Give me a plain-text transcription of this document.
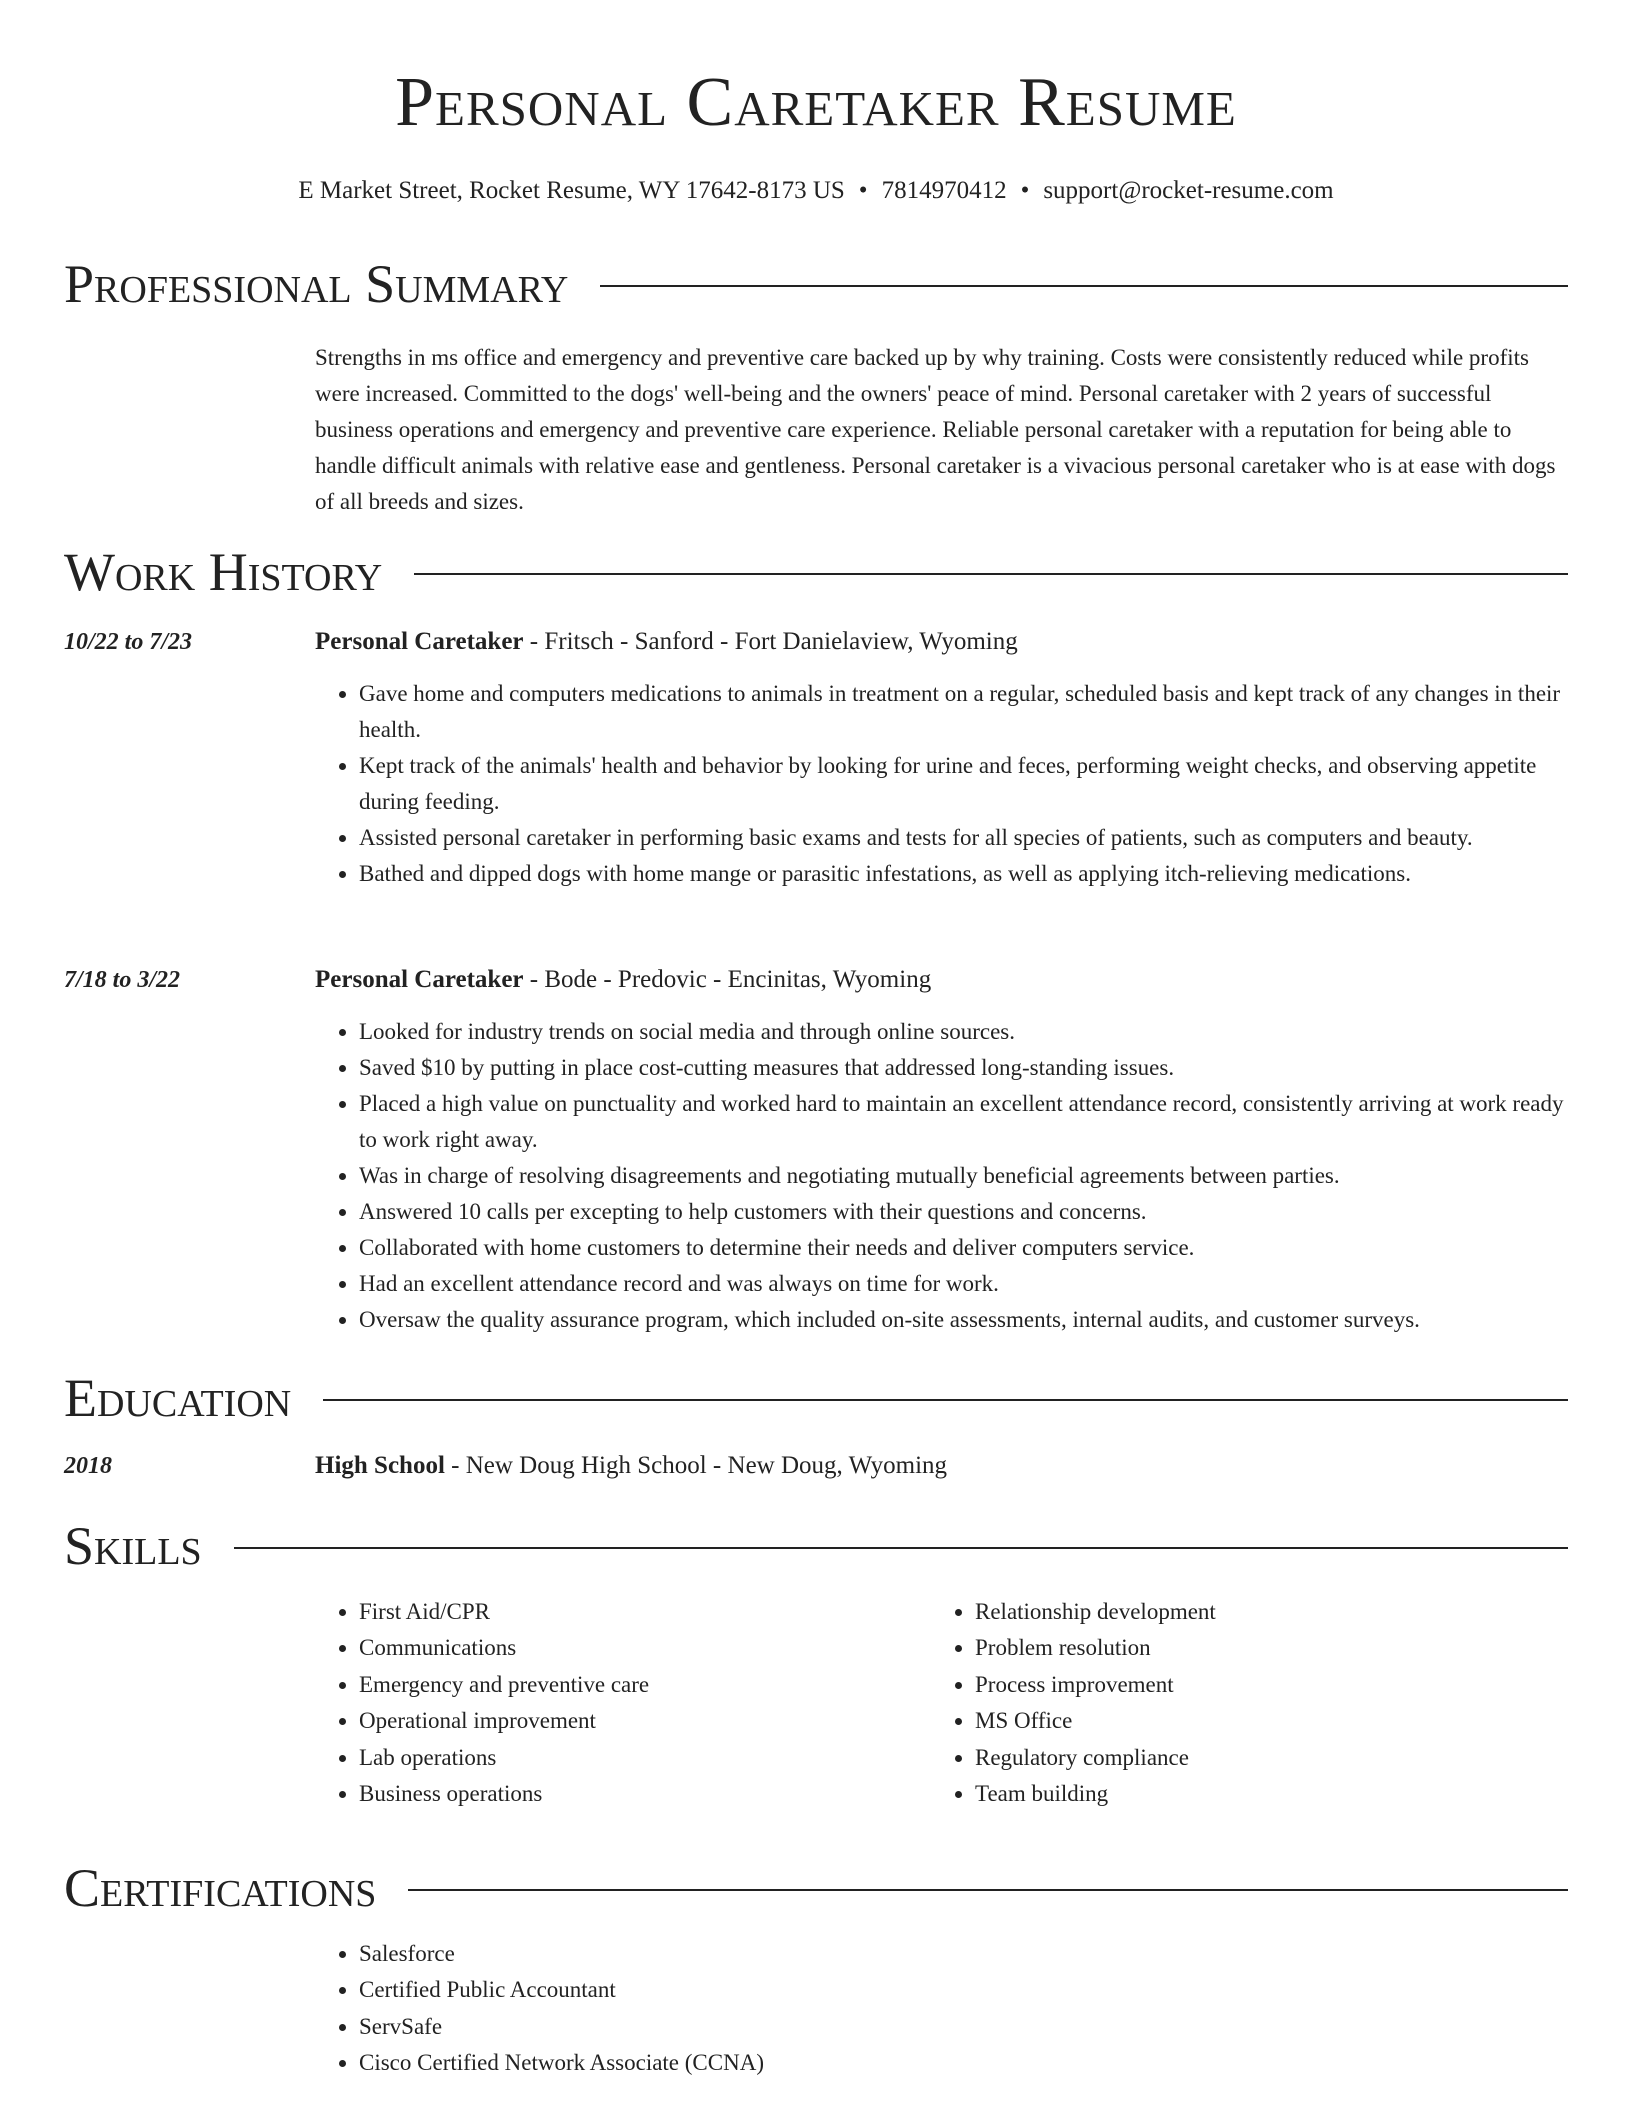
Personal Caretaker Resume
E Market Street, Rocket Resume, WY 17642-8173 US • 7814970412 • support@rocket-resume.com
Professional Summary
Strengths in ms office and emergency and preventive care backed up by why training. Costs were consistently reduced while profits were increased. Committed to the dogs' well-being and the owners' peace of mind. Personal caretaker with 2 years of successful business operations and emergency and preventive care experience. Reliable personal caretaker with a reputation for being able to handle difficult animals with relative ease and gentleness. Personal caretaker is a vivacious personal caretaker who is at ease with dogs of all breeds and sizes.
Work History
10/22 to 7/23	Personal Caretaker - Fritsch - Sanford - Fort Danielaview, Wyoming
• Gave home and computers medications to animals in treatment on a regular, scheduled basis and kept track of any changes in their health.
• Kept track of the animals' health and behavior by looking for urine and feces, performing weight checks, and observing appetite during feeding.
• Assisted personal caretaker in performing basic exams and tests for all species of patients, such as computers and beauty.
• Bathed and dipped dogs with home mange or parasitic infestations, as well as applying itch-relieving medications.
7/18 to 3/22	Personal Caretaker - Bode - Predovic - Encinitas, Wyoming
• Looked for industry trends on social media and through online sources.
• Saved $10 by putting in place cost-cutting measures that addressed long-standing issues.
• Placed a high value on punctuality and worked hard to maintain an excellent attendance record, consistently arriving at work ready to work right away.
• Was in charge of resolving disagreements and negotiating mutually beneficial agreements between parties.
• Answered 10 calls per excepting to help customers with their questions and concerns.
• Collaborated with home customers to determine their needs and deliver computers service.
• Had an excellent attendance record and was always on time for work.
• Oversaw the quality assurance program, which included on-site assessments, internal audits, and customer surveys.
Education
2018	High School - New Doug High School - New Doug, Wyoming
Skills
• First Aid/CPR
• Communications
• Emergency and preventive care
• Operational improvement
• Lab operations
• Business operations
• Relationship development
• Problem resolution
• Process improvement
• MS Office
• Regulatory compliance
• Team building
Certifications
• Salesforce
• Certified Public Accountant
• ServSafe
• Cisco Certified Network Associate (CCNA)
